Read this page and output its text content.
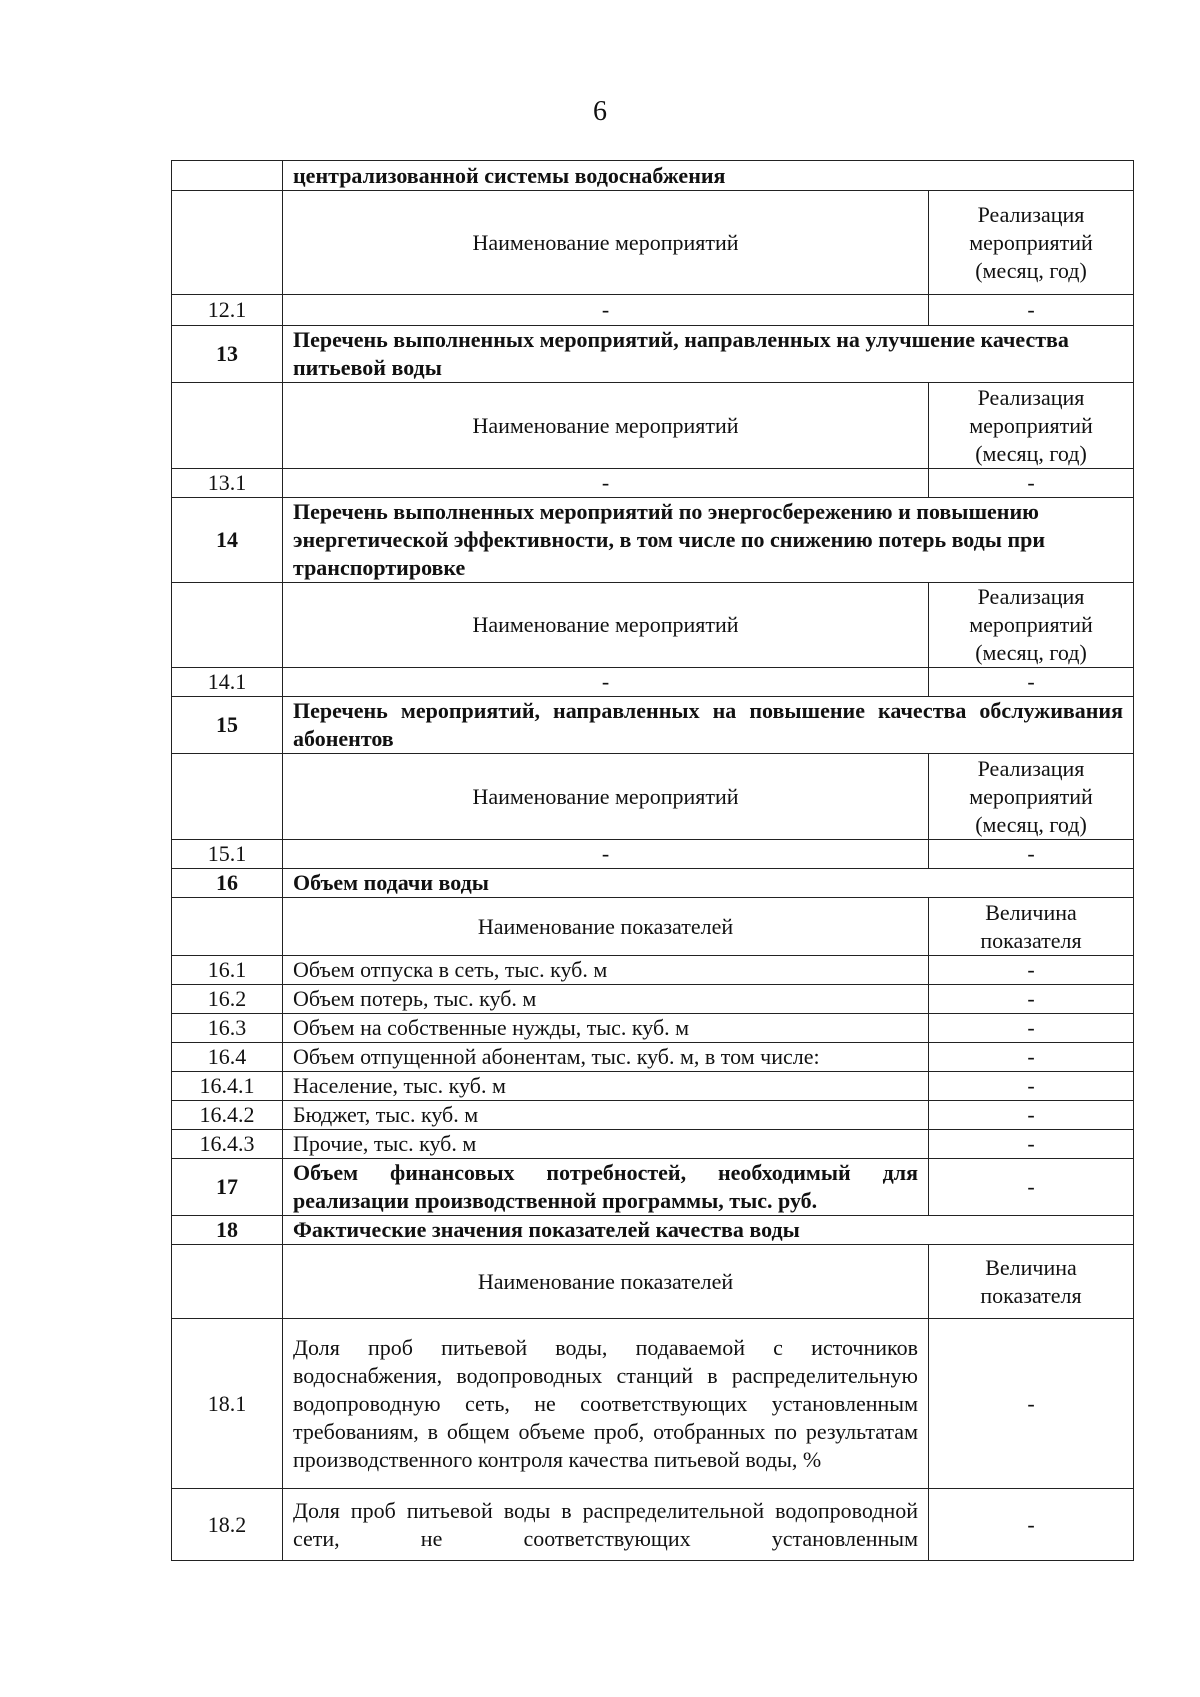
6
	централизованной системы водоснабжения	
	Наименование мероприятий	Реализация мероприятий (месяц, год)
12.1	-	-
13	Перечень выполненных мероприятий, направленных на улучшение качества питьевой воды	
	Наименование мероприятий	Реализация мероприятий (месяц, год)
13.1	-	-
14	Перечень выполненных мероприятий по энергосбережению и повышению энергетической эффективности, в том числе по снижению потерь воды при транспортировке	
	Наименование мероприятий	Реализация мероприятий (месяц, год)
14.1	-	-
15	Перечень мероприятий, направленных на повышение качества обслуживания абонентов	
	Наименование мероприятий	Реализация мероприятий (месяц, год)
15.1	-	-
16	Объем подачи воды	
	Наименование показателей	Величина показателя
16.1	Объем отпуска в сеть, тыс. куб. м	-
16.2	Объем потерь, тыс. куб. м	-
16.3	Объем на собственные нужды, тыс. куб. м	-
16.4	Объем отпущенной абонентам, тыс. куб. м, в том числе:	-
16.4.1	Население, тыс. куб. м	-
16.4.2	Бюджет, тыс. куб. м	-
16.4.3	Прочие, тыс. куб. м	-
17	Объем финансовых потребностей, необходимый для реализации производственной программы, тыс. руб.	-
18	Фактические значения показателей качества воды	
	Наименование показателей	Величина показателя
18.1	Доля проб питьевой воды, подаваемой с источников водоснабжения, водопроводных станций в распределительную водопроводную сеть, не соответствующих установленным требованиям, в общем объеме проб, отобранных по результатам производственного контроля качества питьевой воды, %	-
18.2	Доля проб питьевой воды в распределительной водопроводной сети, не соответствующих установленным	-
